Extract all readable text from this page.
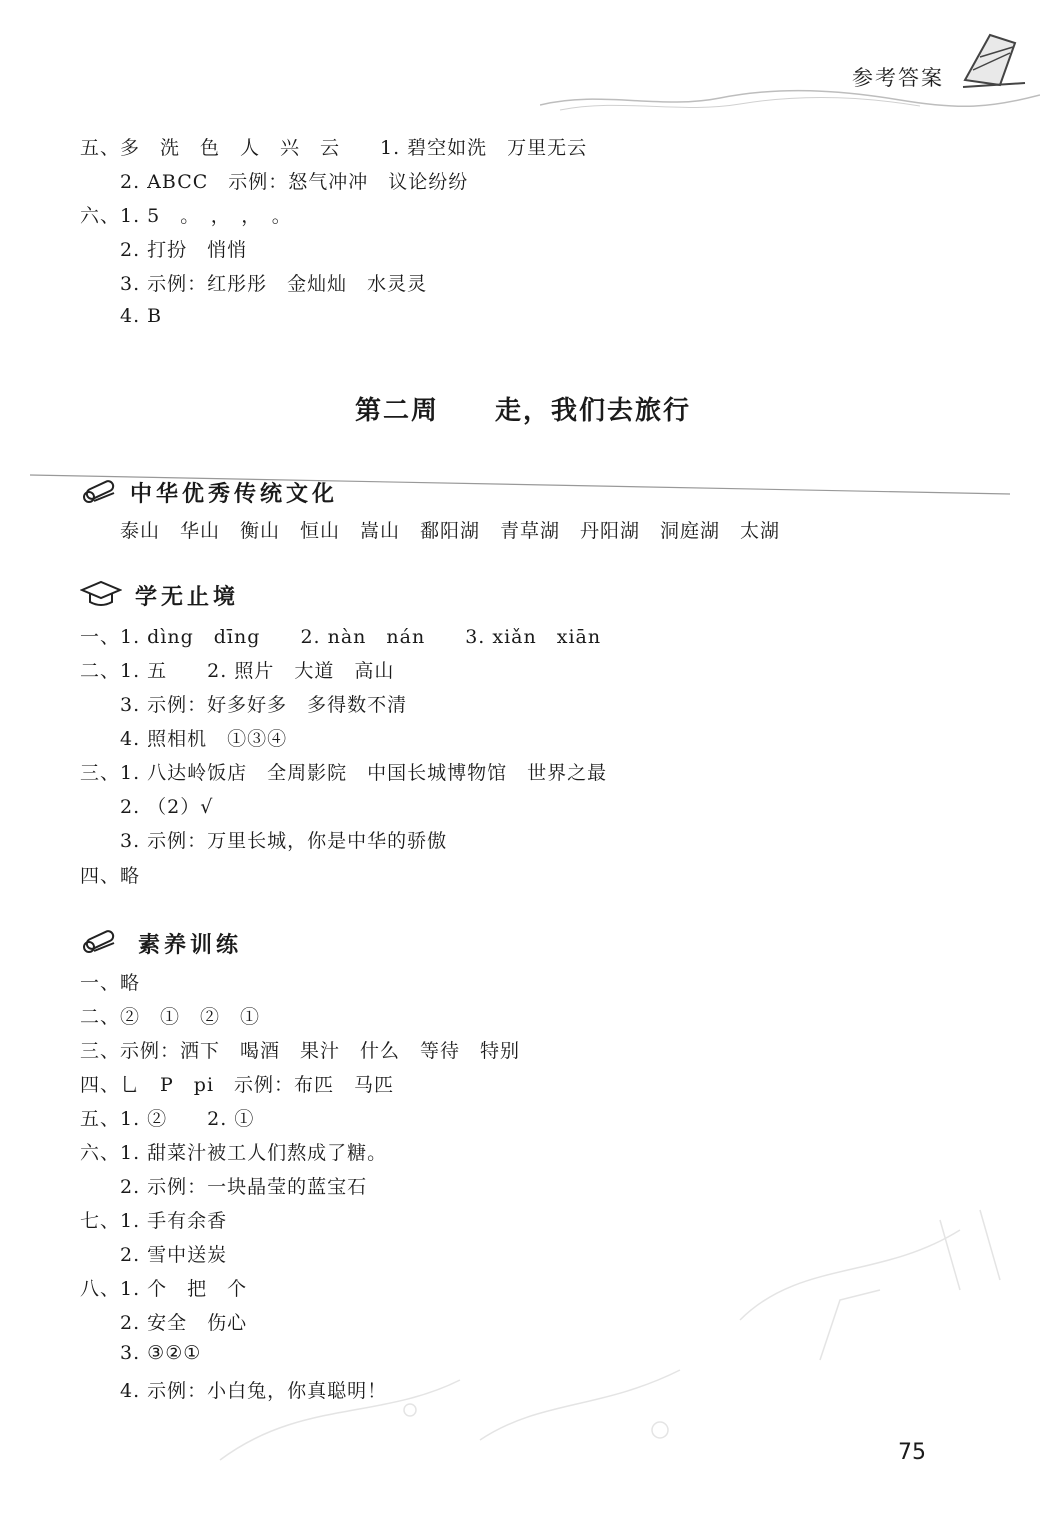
参考答案
五、多　洗　色　人　兴　云　　1. 碧空如洗　万里无云
2. ABCC　示例：怒气冲冲　议论纷纷
六、1. 5　。　，　，　。
2. 打扮　悄悄
3. 示例：红彤彤　金灿灿　水灵灵
4. B
第二周　　走，我们去旅行
中华优秀传统文化
泰山　华山　衡山　恒山　嵩山　鄱阳湖　青草湖　丹阳湖　洞庭湖　太湖
学无止境
一、1. dìng　dīng　　2. nàn　nán　　3. xiǎn　xiān
二、1. 五　　2. 照片　大道　高山
3. 示例：好多好多　多得数不清
4. 照相机　①③④
三、1. 八达岭饭店　全周影院　中国长城博物馆　世界之最
2. （2）√
3. 示例：万里长城，你是中华的骄傲
四、略
素养训练
一、略
二、②　①　②　①
三、示例：洒下　喝酒　果汁　什么　等待　特别
四、⺃　P　pi　示例：布匹　马匹
五、1. ②　　2. ①
六、1. 甜菜汁被工人们熬成了糖。
2. 示例：一块晶莹的蓝宝石
七、1. 手有余香
2. 雪中送炭
八、1. 个　把　个
2. 安全　伤心
3. ③②①
4. 示例：小白兔，你真聪明！
75
